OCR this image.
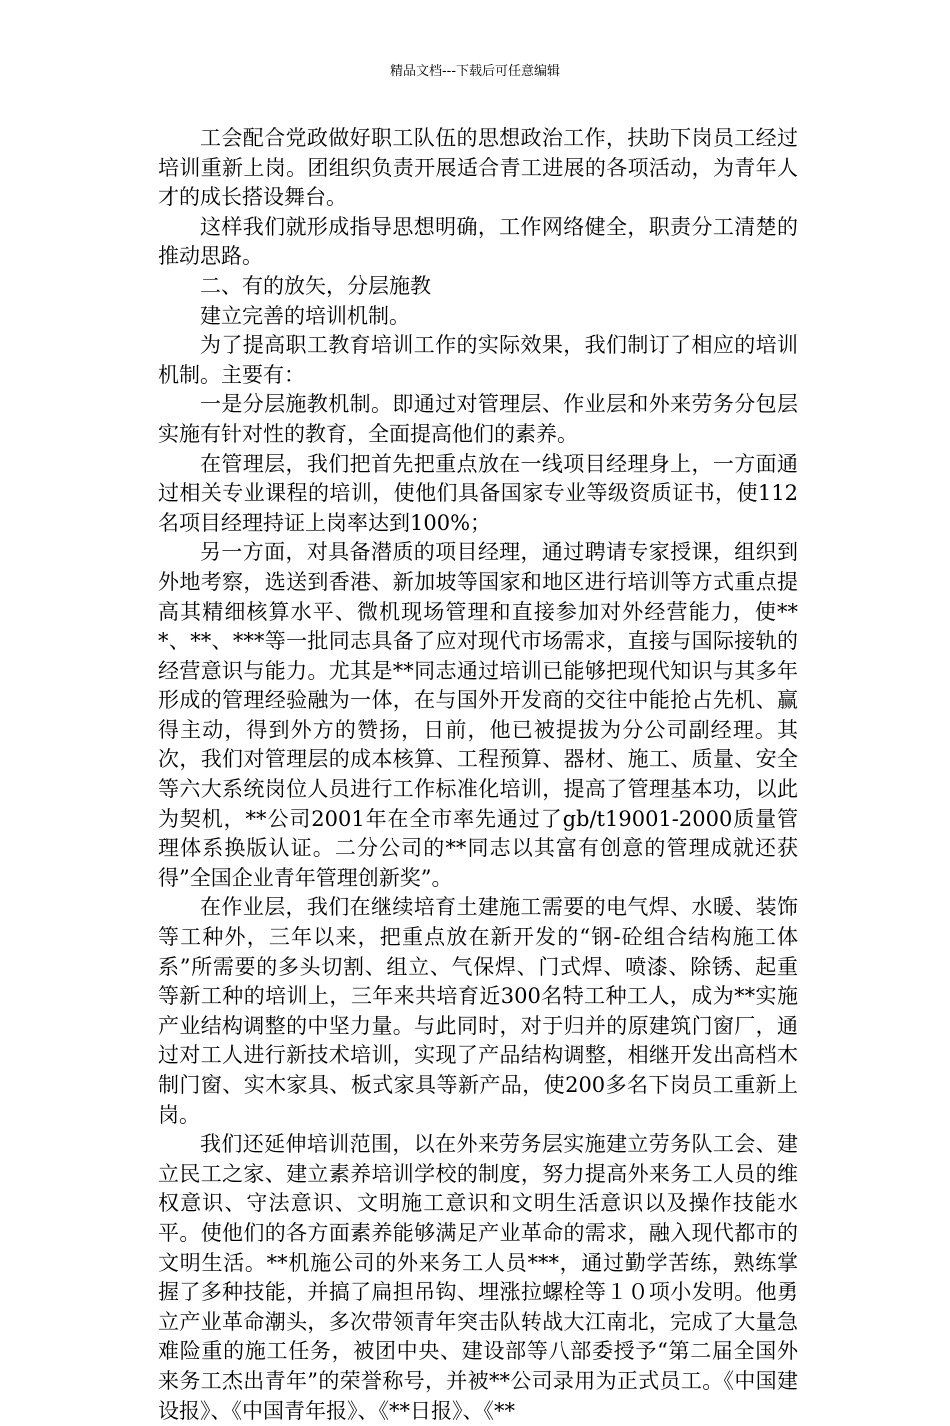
精品文档---下载后可任意编辑

工会配合党政做好职工队伍的思想政治工作，扶助下岗员工经过培训重新上岗。团组织负责开展适合青工进展的各项活动，为青年人才的成长搭设舞台。

这样我们就形成指导思想明确，工作网络健全，职责分工清楚的推动思路。

二、有的放矢，分层施教

建立完善的培训机制。

为了提高职工教育培训工作的实际效果，我们制订了相应的培训机制。主要有：

一是分层施教机制。即通过对管理层、作业层和外来劳务分包层实施有针对性的教育，全面提高他们的素养。

在管理层，我们把首先把重点放在一线项目经理身上，一方面通过相关专业课程的培训，使他们具备国家专业等级资质证书，使112名项目经理持证上岗率达到100%；

另一方面，对具备潜质的项目经理，通过聘请专家授课，组织到外地考察，选送到香港、新加坡等国家和地区进行培训等方式重点提高其精细核算水平、微机现场管理和直接参加对外经营能力，使***、**、***等一批同志具备了应对现代市场需求，直接与国际接轨的经营意识与能力。尤其是**同志通过培训已能够把现代知识与其多年形成的管理经验融为一体，在与国外开发商的交往中能抢占先机、赢得主动，得到外方的赞扬，日前，他已被提拔为分公司副经理。其次，我们对管理层的成本核算、工程预算、器材、施工、质量、安全等六大系统岗位人员进行工作标准化培训，提高了管理基本功，以此为契机，**公司2001年在全市率先通过了gb/t19001-2000质量管理体系换版认证。二分公司的**同志以其富有创意的管理成就还获得”全国企业青年管理创新奖”。

在作业层，我们在继续培育土建施工需要的电气焊、水暖、装饰等工种外，三年以来，把重点放在新开发的“钢-砼组合结构施工体系”所需要的多头切割、组立、气保焊、门式焊、喷漆、除锈、起重等新工种的培训上，三年来共培育近300名特工种工人，成为**实施产业结构调整的中坚力量。与此同时，对于归并的原建筑门窗厂，通过对工人进行新技术培训，实现了产品结构调整，相继开发出高档木制门窗、实木家具、板式家具等新产品，使200多名下岗员工重新上岗。

我们还延伸培训范围，以在外来劳务层实施建立劳务队工会、建立民工之家、建立素养培训学校的制度，努力提高外来务工人员的维权意识、守法意识、文明施工意识和文明生活意识以及操作技能水平。使他们的各方面素养能够满足产业革命的需求，融入现代都市的文明生活。**机施公司的外来务工人员***，通过勤学苦练，熟练掌握了多种技能，并搞了扁担吊钩、埋涨拉螺栓等１０项小发明。他勇立产业革命潮头，多次带领青年突击队转战大江南北，完成了大量急难险重的施工任务，被团中央、建设部等八部委授予“第二届全国外来务工杰出青年”的荣誉称号，并被**公司录用为正式员工。《中国建设报》、《中国青年报》、《**日报》、《**
